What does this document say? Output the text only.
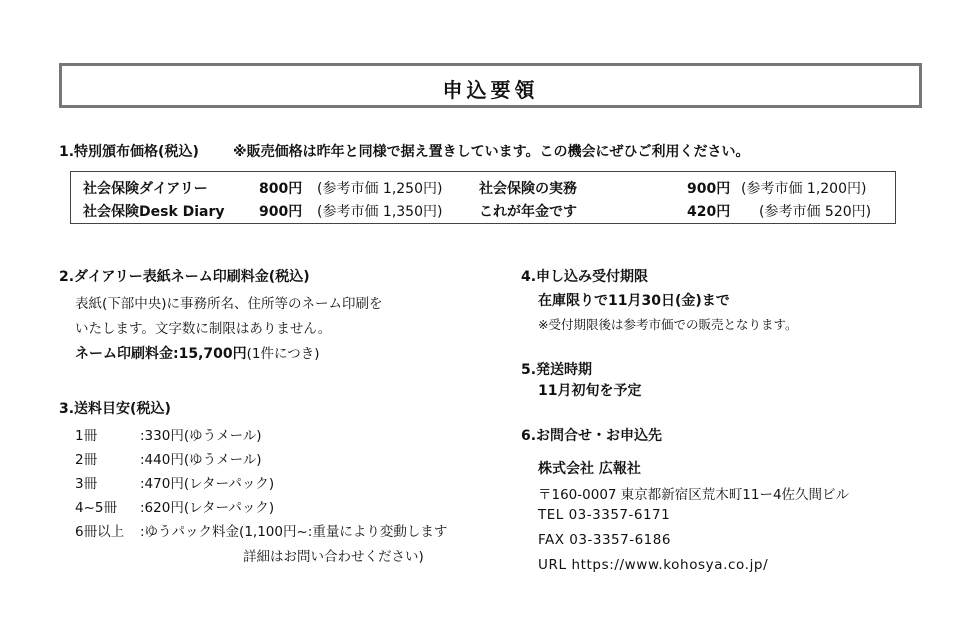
申込要領
1.特別頒布価格(税込) ※販売価格は昨年と同様で据え置きしています。この機会にぜひご利用ください。
社会保険ダイアリー	800円 (参考市価 1,250円)	社会保険の実務	900円 (参考市価 1,200円)
社会保険Desk Diary 900円 (参考市価 1,350円)	これが年金です	420円 (参考市価 520円)
2.ダイアリー表紙ネーム印刷料金(税込)
表紙(下部中央)に事務所名、住所等のネーム印刷を
いたします。文字数に制限はありません。
ネーム印刷料金:15,700円(1件につき)
3.送料目安(税込)
1冊	:330円(ゆうメール)
2冊	:440円(ゆうメール)
3冊	:470円(レターパック)
4~5冊 :620円(レターパック)
6冊以上 :ゆうパック料金(1,100円~:重量により変動します
詳細はお問い合わせください)
4.申し込み受付期限
在庫限りで11月30日(金)まで
※受付期限後は参考市価での販売となります。
5.発送時期
11月初旬を予定
6.お問合せ・お申込先
株式会社 広報社
〒160-0007 東京都新宿区荒木町11ー4佐久間ビル
TEL 03-3357-6171
FAX 03-3357-6186
URL https://www.kohosya.co.jp/
